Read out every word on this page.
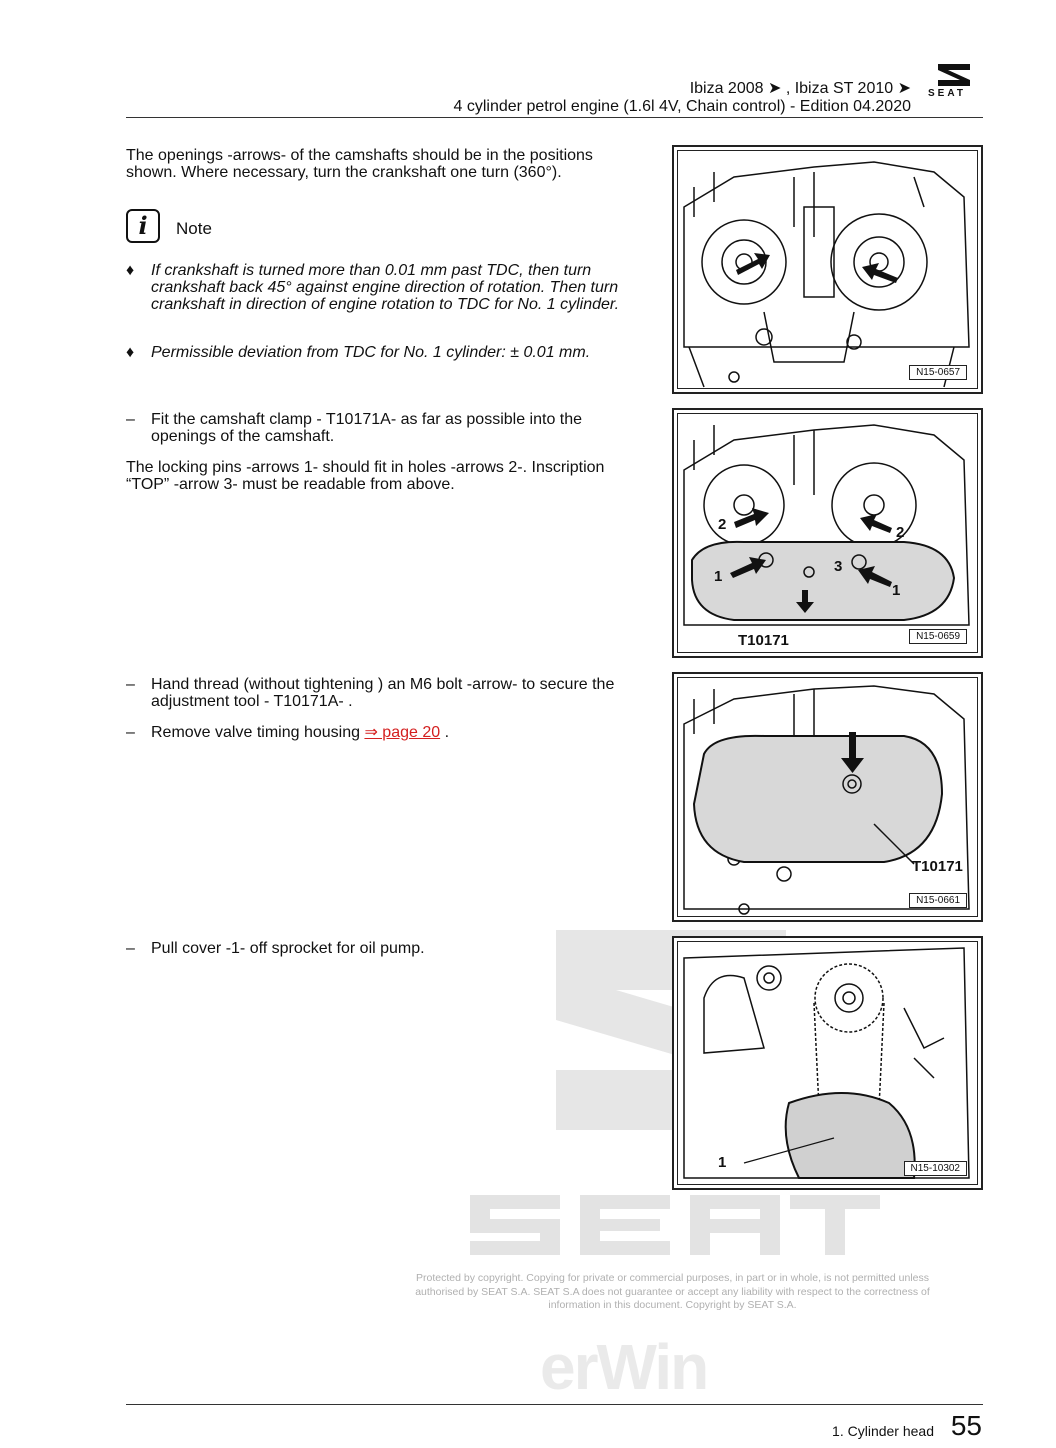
Ibiza 2008 ➤ , Ibiza ST 2010 ➤
4 cylinder petrol engine (1.6l 4V, Chain control) - Edition 04.2020
SEAT
The openings -arrows- of the camshafts should be in the positions shown. Where necessary, turn the crankshaft one turn (360°).
i	Note
♦	If crankshaft is turned more than 0.01 mm past TDC, then turn crankshaft back 45° against engine direction of rotation. Then turn crankshaft in direction of engine rotation to TDC for No. 1 cylinder.
♦	Permissible deviation from TDC for No. 1 cylinder: ± 0.01 mm.
–	Fit the camshaft clamp - T10171A- as far as possible into the openings of the camshaft.
The locking pins -arrows 1- should fit in holes -arrows 2-. Inscription “TOP” -arrow 3- must be readable from above.
–	Hand thread (without tightening ) an M6 bolt -arrow- to secure the adjustment tool - T10171A- .
–	Remove valve timing housing ⇒ page 20 .
–	Pull cover -1- off sprocket for oil pump.
Protected by copyright. Copying for private or commercial purposes, in part or in whole, is not permitted unless authorised by SEAT S.A. SEAT S.A does not guarantee or accept any liability with respect to the correctness of information in this document. Copyright by SEAT S.A.
erWin
N15-0657
2
1
3
2
1
T10171	N15-0659
T10171
N15-0661
1	N15-10302
1. Cylinder head 55
